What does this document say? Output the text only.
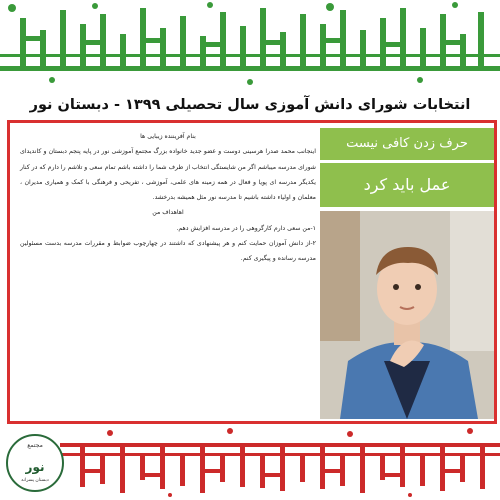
انتخابات شورای دانش آموزی سال تحصیلی ۱۳۹۹ - دبستان نور

بنام آفریننده زیبایی ها

اینجانب محمد صدرا هرسینی دوست و عضو جدید خانواده بزرگ مجتمع آموزشی نور در پایه پنجم دبستان و کاندیدای شورای مدرسه میباشم اگر من شایستگی انتخاب از طرف شما را داشته باشم تمام سعی و تلاشم را دارم که در کنار یکدیگر مدرسه ای پویا و فعال در همه زمینه های علمی، آموزشی ، تفریحی و فرهنگی با کمک و همیاری مدیران ، معلمان و اولیاء داشته باشیم تا مدرسه نور مثل همیشه بدرخشد.

اهاهداف من

۱-من سعی دارم کارگروهی را در مدرسه افزایش دهم.

۲-از دانش آموزان حمایت کنم و هر پیشنهادی که داشتند در چهارچوب ضوابط و مقررات مدرسه بدست مسئولین مدرسه رسانده و پیگیری کنم.

حرف زدن کافی نیست
عمل باید کرد
مجتمع
نور
دبستان پسرانه
